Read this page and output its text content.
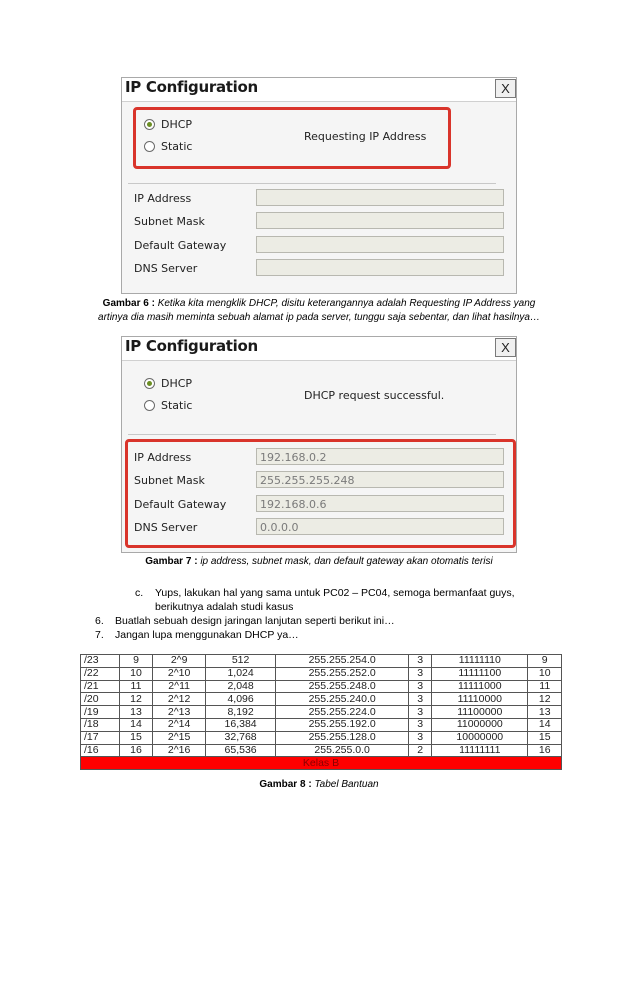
IP Configuration	X
DHCP
Static
Requesting IP Address
IP Address
Subnet Mask
Default Gateway
DNS Server
Gambar 6 : Ketika kita mengklik DHCP, disitu keterangannya adalah Requesting IP Address yang
artinya dia masih meminta sebuah alamat ip pada server, tunggu saja sebentar, dan lihat hasilnya…
IP Configuration	X
DHCP
Static
DHCP request successful.
IP Address	192.168.0.2
Subnet Mask	255.255.255.248
Default Gateway	192.168.0.6
DNS Server	0.0.0.0
Gambar 7 : ip address, subnet mask, dan default gateway akan otomatis terisi
c. Yups, lakukan hal yang sama untuk PC02 – PC04, semoga bermanfaat guys,
berikutnya adalah studi kasus
6. Buatlah sebuah design jaringan lanjutan seperti berikut ini…
7. Jangan lupa menggunakan DHCP ya…
/23	9	2^9	512	255.255.254.0	3	11111110	9
/22	10	2^10	1,024	255.255.252.0	3	11111100	10
/21	11	2^11	2,048	255.255.248.0	3	11111000	11
/20	12	2^12	4,096	255.255.240.0	3	11110000	12
/19	13	2^13	8,192	255.255.224.0	3	11100000	13
/18	14	2^14	16,384	255.255.192.0	3	11000000	14
/17	15	2^15	32,768	255.255.128.0	3	10000000	15
/16	16	2^16	65,536	255.255.0.0	2	11111111	16
Kelas B							
Gambar 8 : Tabel Bantuan
